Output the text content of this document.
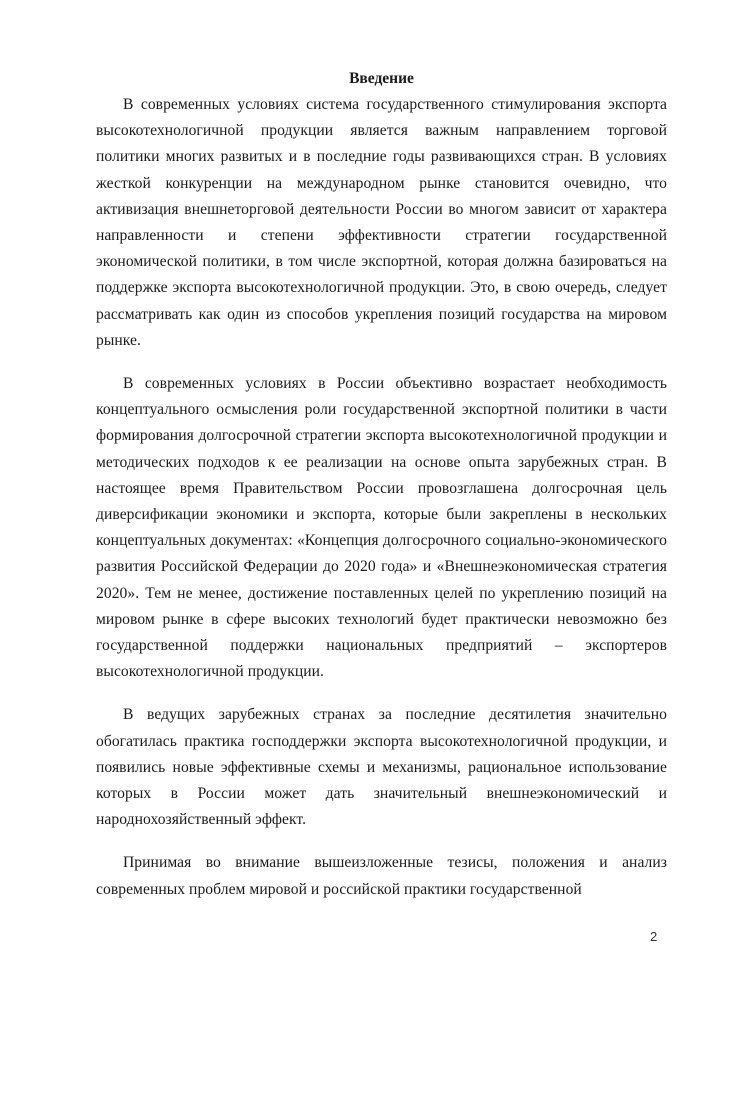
Введение

В современных условиях система государственного стимулирования экспорта высокотехнологичной продукции является важным направлением торговой политики многих развитых и в последние годы развивающихся стран. В условиях жесткой конкуренции на международном рынке становится очевидно, что активизация внешнеторговой деятельности России во многом зависит от характера направленности и степени эффективности стратегии государственной экономической политики, в том числе экспортной, которая должна базироваться на поддержке экспорта высокотехнологичной продукции. Это, в свою очередь, следует рассматривать как один из способов укрепления позиций государства на мировом рынке.

В современных условиях в России объективно возрастает необходимость концептуального осмысления роли государственной экспортной политики в части формирования долгосрочной стратегии экспорта высокотехнологичной продукции и методических подходов к ее реализации на основе опыта зарубежных стран. В настоящее время Правительством России провозглашена долгосрочная цель диверсификации экономики и экспорта, которые были закреплены в нескольких концептуальных документах: «Концепция долгосрочного социально-экономического развития Российской Федерации до 2020 года» и «Внешнеэкономическая стратегия 2020». Тем не менее, достижение поставленных целей по укреплению позиций на мировом рынке в сфере высоких технологий будет практически невозможно без государственной поддержки национальных предприятий – экспортеров высокотехнологичной продукции.

В ведущих зарубежных странах за последние десятилетия значительно обогатилась практика господдержки экспорта высокотехнологичной продукции, и появились новые эффективные схемы и механизмы, рациональное использование которых в России может дать значительный внешнеэкономический и народнохозяйственный эффект.

Принимая во внимание вышеизложенные тезисы, положения и анализ современных проблем мировой и российской практики государственной

2
